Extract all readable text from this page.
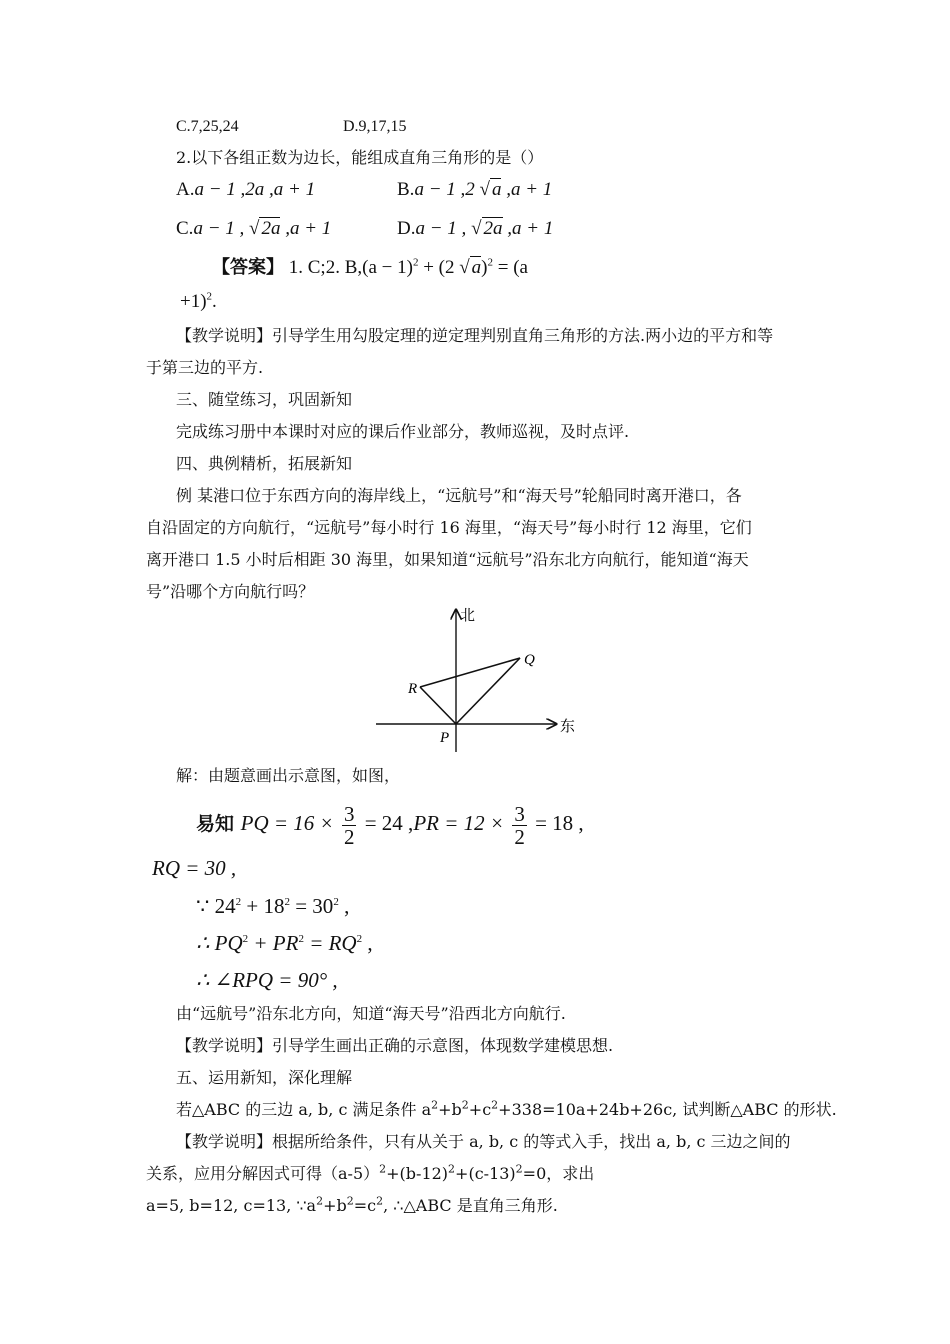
C.7,25,24	D.9,17,15
2.以下各组正数为边长，能组成直角三角形的是（）
A.a − 1 ,2a ,a + 1	B.a − 1 ,2 √ a ,a + 1
C.a − 1 , √ 2a ,a + 1	D.a − 1 , √ 2a ,a + 1
【答案】 1. C;2. $B,(a - 1)^2 + (2$ √ a)$^2$ = (a
+1)$^2$.
【教学说明】引导学生用勾股定理的逆定理判别直角三角形的方法.两小边的平方和等
于第三边的平方.
三、随堂练习，巩固新知
完成练习册中本课时对应的课后作业部分，教师巡视，及时点评.
四、典例精析，拓展新知
例 某港口位于东西方向的海岸线上，“远航号”和“海天号”轮船同时离开港口，各
自沿固定的方向航行，“远航号”每小时行 16 海里，“海天号”每小时行 12 海里，它们
离开港口 1.5 小时后相距 30 海里，如果知道“远航号”沿东北方向航行，能知道“海天
号”沿哪个方向航行吗？
北
东
P
Q
R
解：由题意画出示意图，如图，
易知 PQ = $16 \times \frac{3}{2} = 24$ $,PR = 12 \times \frac{3}{2} = 18$ ,
RQ = 30 ,
∵ $24^2 + 18^2 = 30^2$ ,
∴ $PQ^2 + PR^2 = RQ^2$ ,
∴ ∠RPQ = 90° ,
由“远航号”沿东北方向，知道“海天号”沿西北方向航行.
【教学说明】引导学生画出正确的示意图，体现数学建模思想.
五、运用新知，深化理解
若△ABC 的三边 a, b, c 满足条件 $a^2+b^2+c^2+338=10a+24b+26c$, 试判断△ABC 的形状.
【教学说明】根据所给条件，只有从关于 a, b, c 的等式入手，找出 a, b, c 三边之间的
关系，应用分解因式可得$(a-5)^2+(b-12)^2+(c-13)^2=0$，求出
a=5, b=12, c=13, $\because a^2+b^2=c^2$, ∴△ABC 是直角三角形.
